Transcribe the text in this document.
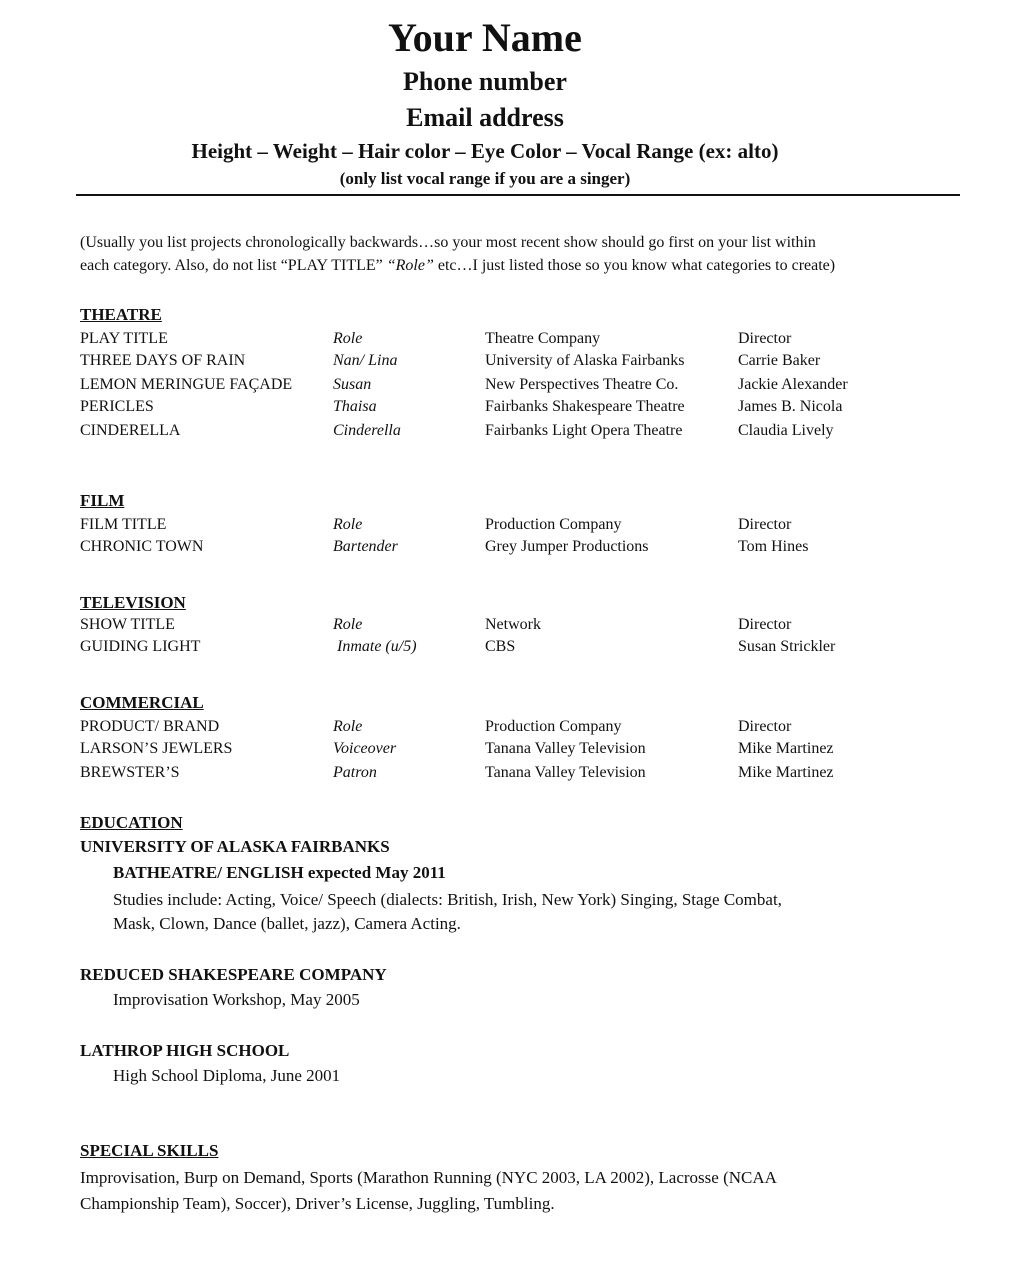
Your Name
Phone number
Email address
Height – Weight – Hair color – Eye Color – Vocal Range (ex: alto)
(only list vocal range if you are a singer)
(Usually you list projects chronologically backwards…so your most recent show should go first on your list within
each category. Also, do not list “PLAY TITLE” “Role” etc…I just listed those so you know what categories to create)
THEATRE
PLAY TITLE	Role	Theatre Company	Director
THREE DAYS OF RAIN	Nan/ Lina	University of Alaska Fairbanks	Carrie Baker
LEMON MERINGUE FAÇADE	Susan	New Perspectives Theatre Co.	Jackie Alexander
PERICLES	Thaisa	Fairbanks Shakespeare Theatre	James B. Nicola
CINDERELLA	Cinderella	Fairbanks Light Opera Theatre	Claudia Lively
FILM
FILM TITLE	Role	Production Company	Director
CHRONIC TOWN	Bartender	Grey Jumper Productions	Tom Hines
TELEVISION
SHOW TITLE	Role	Network	Director
GUIDING LIGHT	Inmate (u/5)	CBS	Susan Strickler
COMMERCIAL
PRODUCT/ BRAND	Role	Production Company	Director
LARSON’S JEWLERS	Voiceover	Tanana Valley Television	Mike Martinez
BREWSTER’S	Patron	Tanana Valley Television	Mike Martinez
EDUCATION
UNIVERSITY OF ALASKA FAIRBANKS
BATHEATRE/ ENGLISH expected May 2011
Studies include: Acting, Voice/ Speech (dialects: British, Irish, New York) Singing, Stage Combat,
Mask, Clown, Dance (ballet, jazz), Camera Acting.
REDUCED SHAKESPEARE COMPANY
Improvisation Workshop, May 2005
LATHROP HIGH SCHOOL
High School Diploma, June 2001
SPECIAL SKILLS
Improvisation, Burp on Demand, Sports (Marathon Running (NYC 2003, LA 2002), Lacrosse (NCAA
Championship Team), Soccer), Driver’s License, Juggling, Tumbling.
